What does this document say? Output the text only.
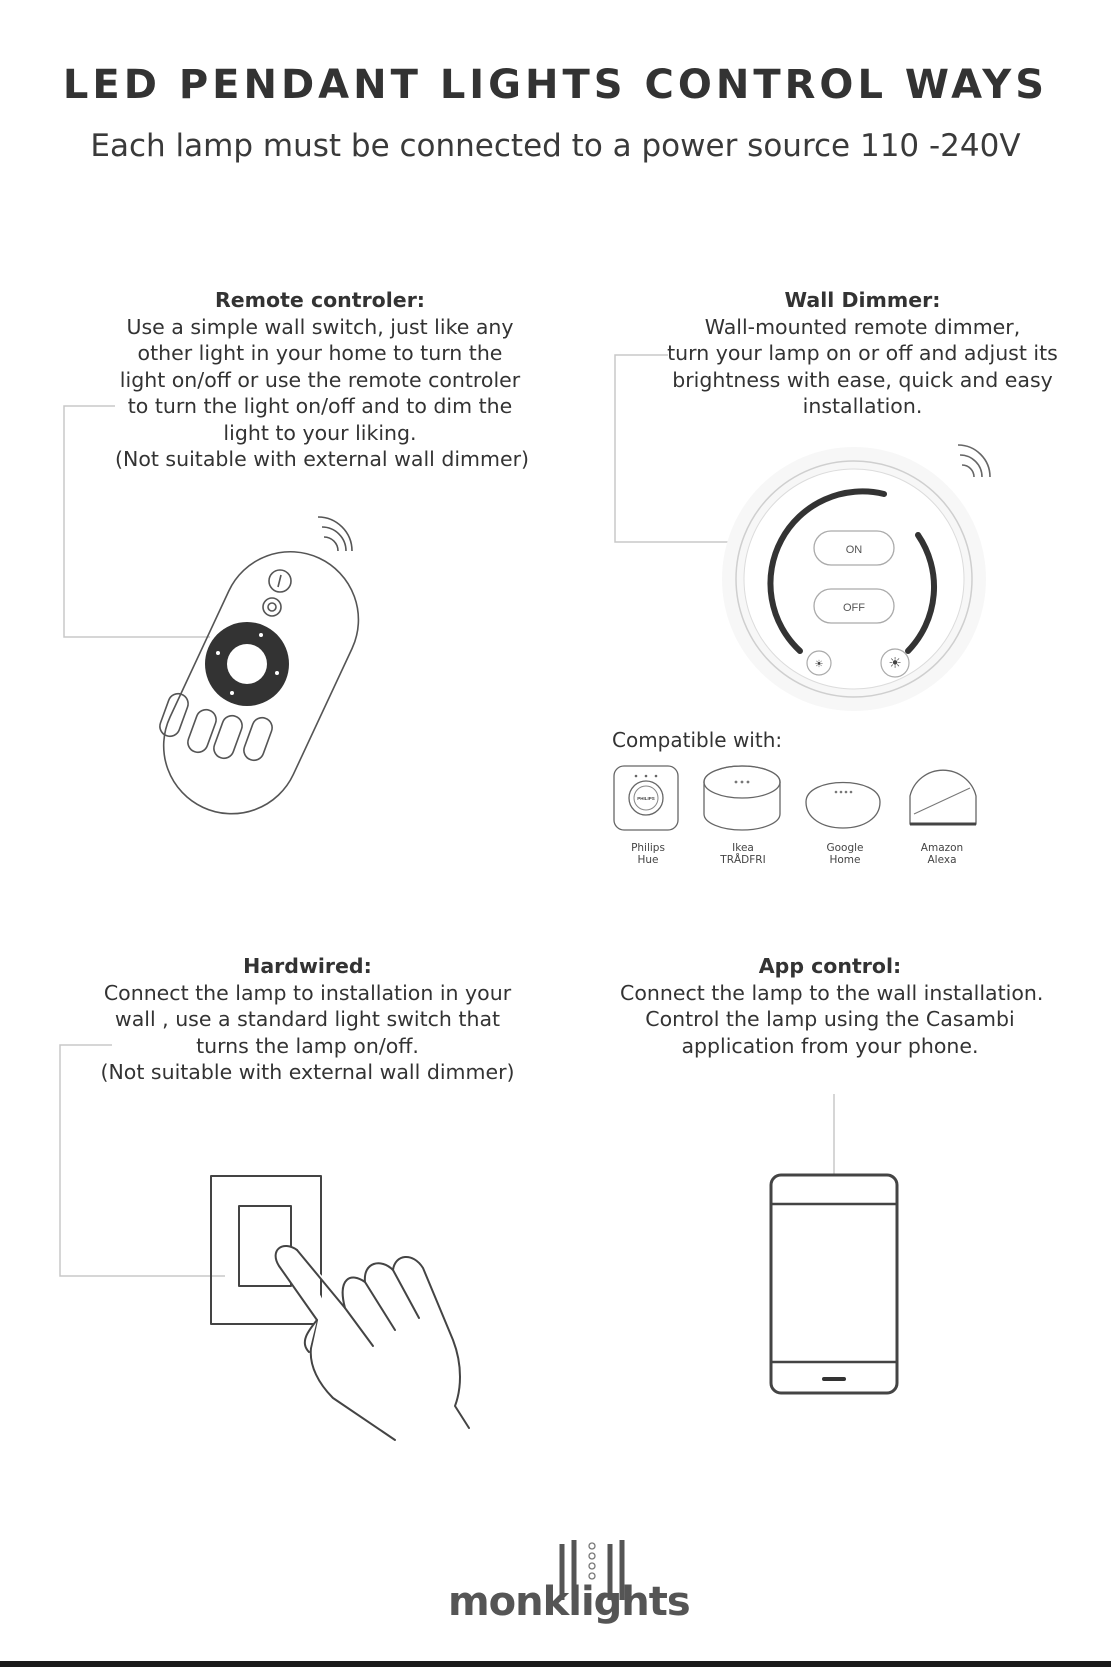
LED PENDANT LIGHTS CONTROL WAYS
Each lamp must be connected to a power source 110 -240V
Remote controler:
Use a simple wall switch, just like any
other light in your home to turn the
light on/off or use the remote controler
to turn the light on/off and to dim the
light to your liking.
(Not suitable with external wall dimmer)
Wall Dimmer:
Wall-mounted remote dimmer,
turn your lamp on or off and adjust its
brightness with ease, quick and easy
installation.
Hardwired:
Connect the lamp to installation in your
wall , use a standard light switch that
turns the lamp on/off.
(Not suitable with external wall dimmer)
App control:
Connect the lamp to the wall installation.
Control the lamp using the Casambi
application from your phone.
ON
OFF
☀	☀
Compatible with:
PHILIPS
Philips
Hue
Ikea
TRÅDFRI
Google
Home
Amazon
Alexa
monklights
